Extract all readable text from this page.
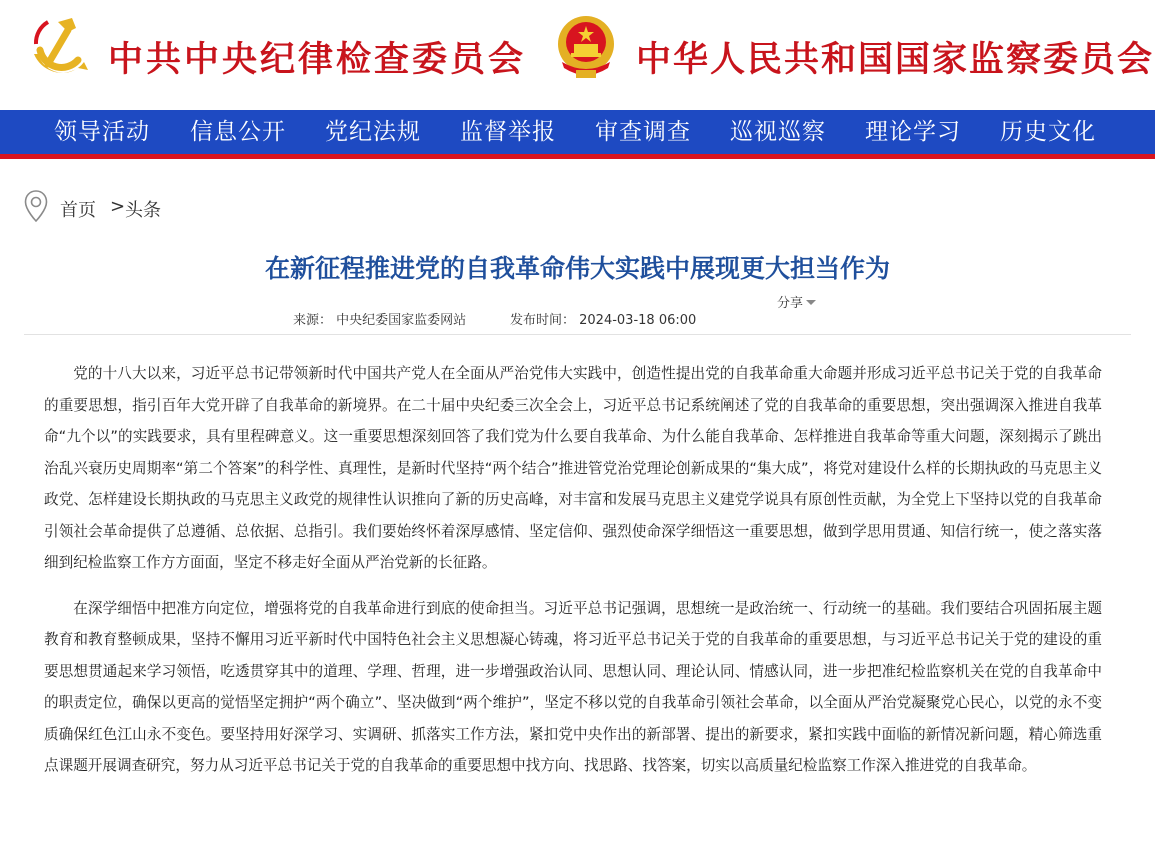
中共中央纪律检查委员会	中华人民共和国国家监察委员会
领导活动 信息公开 党纪法规 监督举报 审查调查 巡视巡察 理论学习 历史文化
首页 > 头条
在新征程推进党的自我革命伟大实践中展现更大担当作为
分享
来源： 中央纪委国家监委网站	发布时间： 2024-03-18 06:00

党的十八大以来，习近平总书记带领新时代中国共产党人在全面从严治党伟大实践中，创造性提出党的自我革命重大命题并形成习近平总书记关于党的自我革命的重要思想，指引百年大党开辟了自我革命的新境界。在二十届中央纪委三次全会上，习近平总书记系统阐述了党的自我革命的重要思想，突出强调深入推进自我革命“九个以”的实践要求，具有里程碑意义。这一重要思想深刻回答了我们党为什么要自我革命、为什么能自我革命、怎样推进自我革命等重大问题，深刻揭示了跳出治乱兴衰历史周期率“第二个答案”的科学性、真理性，是新时代坚持“两个结合”推进管党治党理论创新成果的“集大成”，将党对建设什么样的长期执政的马克思主义政党、怎样建设长期执政的马克思主义政党的规律性认识推向了新的历史高峰，对丰富和发展马克思主义建党学说具有原创性贡献，为全党上下坚持以党的自我革命引领社会革命提供了总遵循、总依据、总指引。我们要始终怀着深厚感情、坚定信仰、强烈使命深学细悟这一重要思想，做到学思用贯通、知信行统一，使之落实落细到纪检监察工作方方面面，坚定不移走好全面从严治党新的长征路。

在深学细悟中把准方向定位，增强将党的自我革命进行到底的使命担当。习近平总书记强调，思想统一是政治统一、行动统一的基础。我们要结合巩固拓展主题教育和教育整顿成果，坚持不懈用习近平新时代中国特色社会主义思想凝心铸魂，将习近平总书记关于党的自我革命的重要思想，与习近平总书记关于党的建设的重要思想贯通起来学习领悟，吃透贯穿其中的道理、学理、哲理，进一步增强政治认同、思想认同、理论认同、情感认同，进一步把准纪检监察机关在党的自我革命中的职责定位，确保以更高的觉悟坚定拥护“两个确立”、坚决做到“两个维护”，坚定不移以党的自我革命引领社会革命，以全面从严治党凝聚党心民心，以党的永不变质确保红色江山永不变色。要坚持用好深学习、实调研、抓落实工作方法，紧扣党中央作出的新部署、提出的新要求，紧扣实践中面临的新情况新问题，精心筛选重点课题开展调查研究，努力从习近平总书记关于党的自我革命的重要思想中找方向、找思路、找答案，切实以高质量纪检监察工作深入推进党的自我革命。
